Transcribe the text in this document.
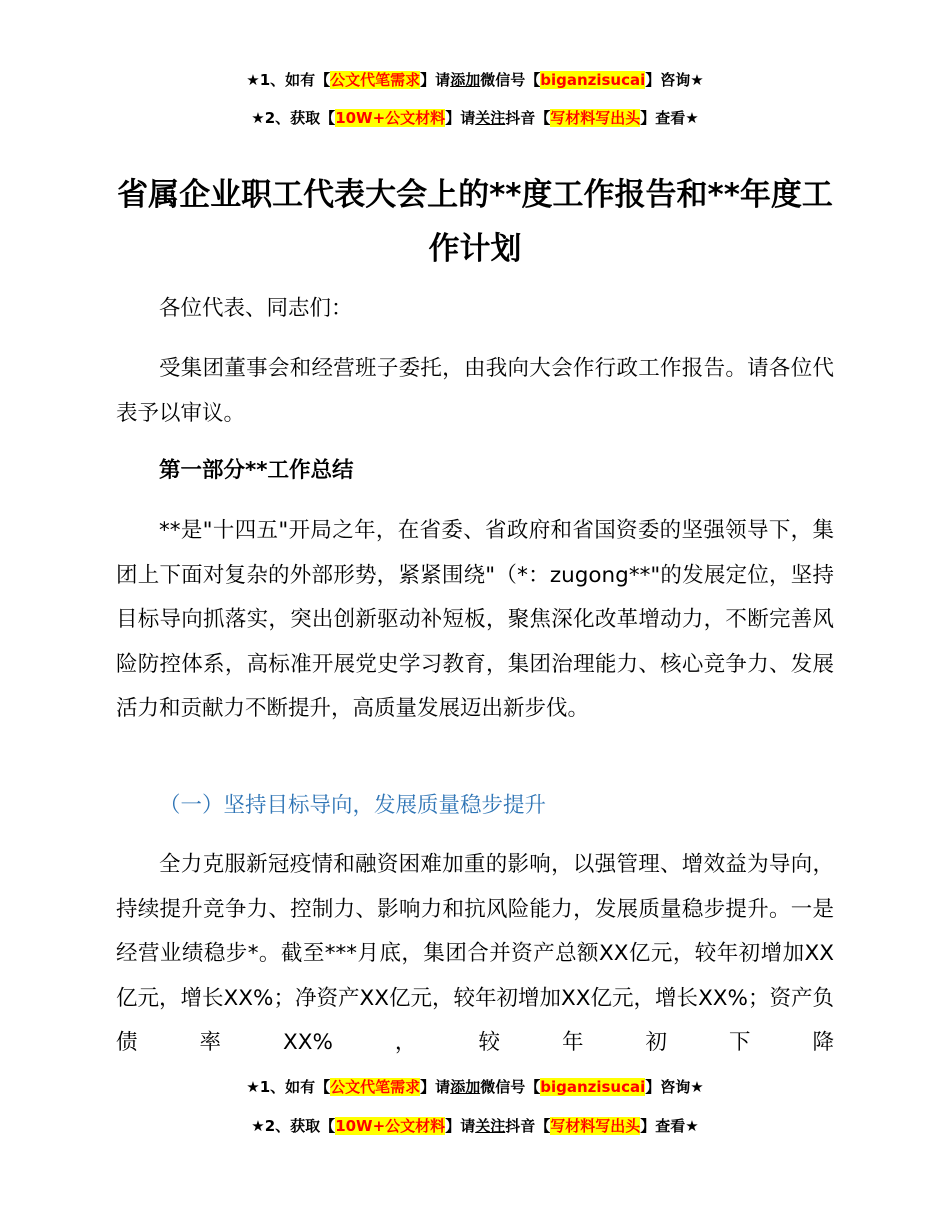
★1、如有【公文代笔需求】请添加微信号【biganzisucai】咨询★
★2、获取【10W+公文材料】请关注抖音【写材料写出头】查看★
省属企业职工代表大会上的**度工作报告和**年度工作计划
各位代表、同志们：
受集团董事会和经营班子委托，由我向大会作行政工作报告。请各位代表予以审议。
第一部分**工作总结
**是"十四五"开局之年，在省委、省政府和省国资委的坚强领导下，集团上下面对复杂的外部形势，紧紧围绕"（*：zugong**"的发展定位，坚持目标导向抓落实，突出创新驱动补短板，聚焦深化改革增动力，不断完善风险防控体系，高标准开展党史学习教育，集团治理能力、核心竞争力、发展活力和贡献力不断提升，高质量发展迈出新步伐。
（一）坚持目标导向，发展质量稳步提升
全力克服新冠疫情和融资困难加重的影响，以强管理、增效益为导向，持续提升竞争力、控制力、影响力和抗风险能力，发展质量稳步提升。一是经营业绩稳步*。截至***月底，集团合并资产总额XX亿元，较年初增加XX亿元，增长XX%；净资产XX亿元，较年初增加XX亿元，增长XX%；资产负债率XX%，较年初下降
★1、如有【公文代笔需求】请添加微信号【biganzisucai】咨询★
★2、获取【10W+公文材料】请关注抖音【写材料写出头】查看★
